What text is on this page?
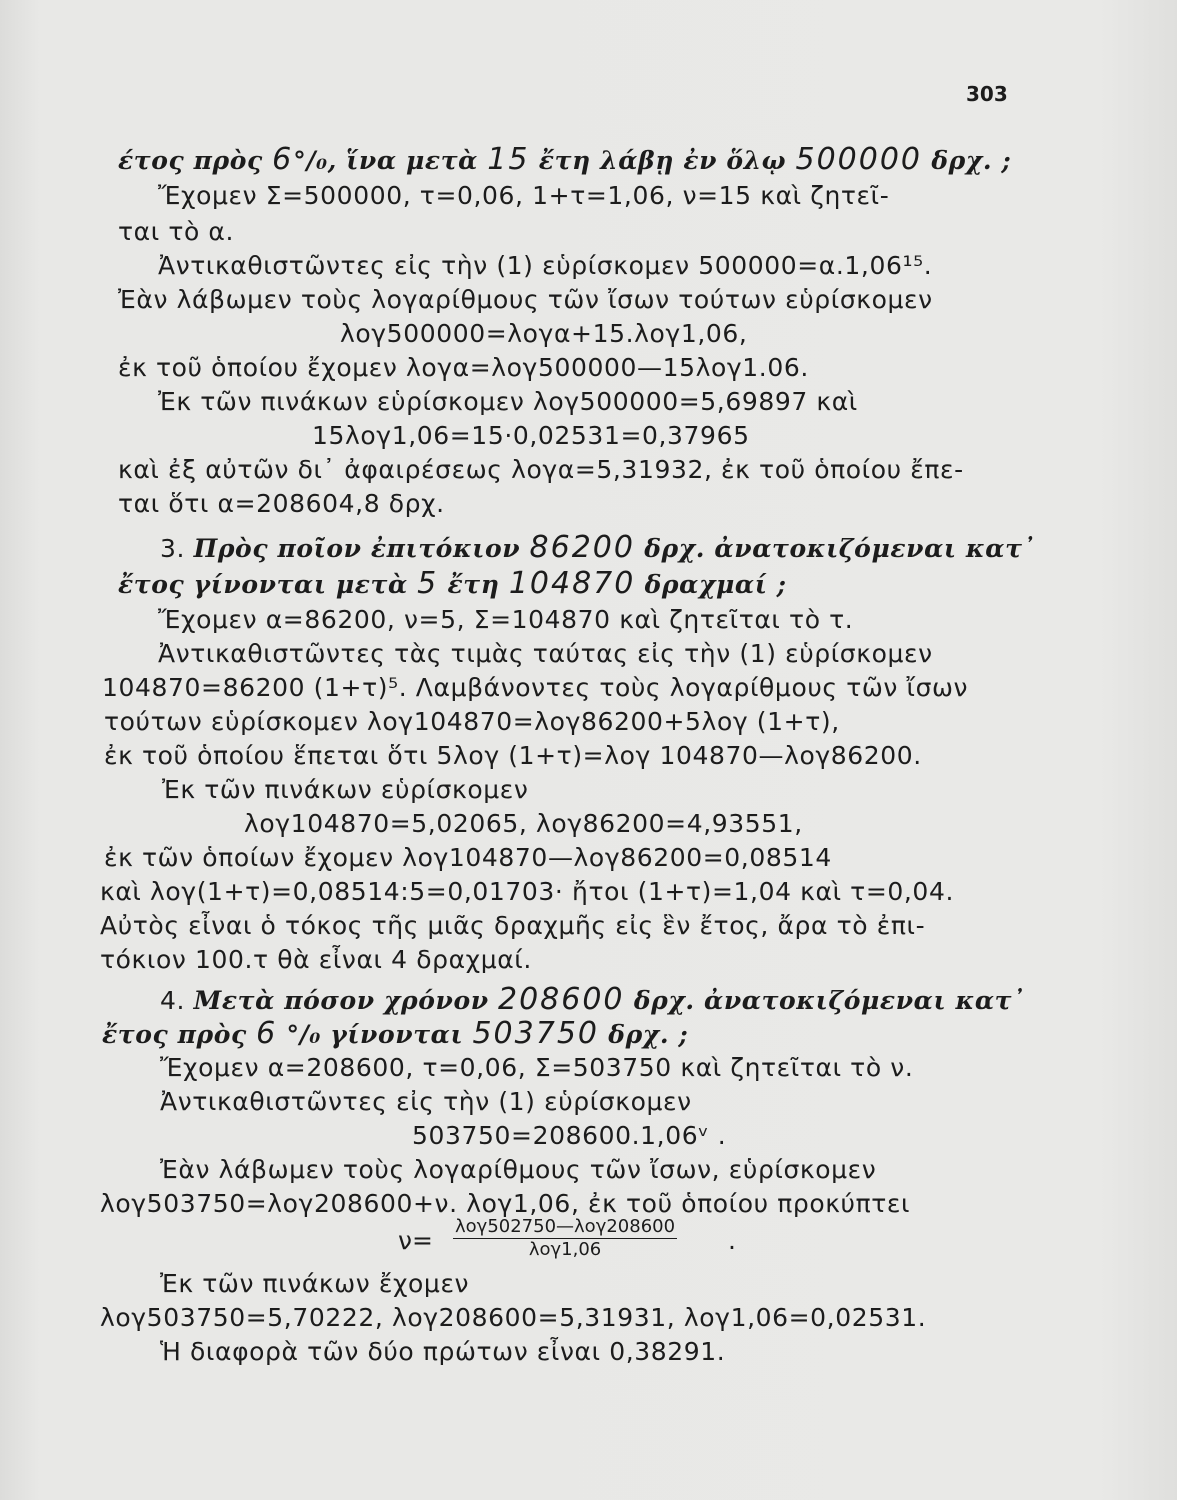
303
έτος πρὸς 6°/₀, ἵνα μετὰ 15 ἔτη λάβῃ ἐν ὅλῳ 500000 δρχ. ;
Ἔχομεν Σ=500000, τ=0,06, 1+τ=1,06, ν=15 καὶ ζητεῖ-
ται τὸ α.
Ἀντικαθιστῶντες εἰς τὴν (1) εὑρίσκομεν 500000=α.1,06¹⁵.
Ἐὰν λάβωμεν τοὺς λογαρίθμους τῶν ἴσων τούτων εὑρίσκομεν
λογ500000=λογα+15.λογ1,06,
ἐκ τοῦ ὁποίου ἔχομεν λογα=λογ500000—15λογ1.06.
Ἐκ τῶν πινάκων εὑρίσκομεν λογ500000=5,69897 καὶ
15λογ1,06=15·0,02531=0,37965
καὶ ἐξ αὐτῶν δι᾽ ἀφαιρέσεως λογα=5,31932, ἐκ τοῦ ὁποίου ἔπε-
ται ὅτι α=208604,8 δρχ.
3. Πρὸς ποῖον ἐπιτόκιον 86200 δρχ. ἀνατοκιζόμεναι κατ᾽
ἔτος γίνονται μετὰ 5 ἔτη 104870 δραχμαί ;
Ἔχομεν α=86200, ν=5, Σ=104870 καὶ ζητεῖται τὸ τ.
Ἀντικαθιστῶντες τὰς τιμὰς ταύτας εἰς τὴν (1) εὑρίσκομεν
104870=86200 (1+τ)⁵. Λαμβάνοντες τοὺς λογαρίθμους τῶν ἴσων
τούτων εὑρίσκομεν λογ104870=λογ86200+5λογ (1+τ),
ἐκ τοῦ ὁποίου ἕπεται ὅτι 5λογ (1+τ)=λογ 104870—λογ86200.
Ἐκ τῶν πινάκων εὑρίσκομεν
λογ104870=5,02065, λογ86200=4,93551,
ἐκ τῶν ὁποίων ἔχομεν λογ104870—λογ86200=0,08514
καὶ λογ(1+τ)=0,08514:5=0,01703· ἤτοι (1+τ)=1,04 καὶ τ=0,04.
Αὐτὸς εἶναι ὁ τόκος τῆς μιᾶς δραχμῆς εἰς ἓν ἔτος, ἄρα τὸ ἐπι-
τόκιον 100.τ θὰ εἶναι 4 δραχμαί.
4. Μετὰ πόσον χρόνον 208600 δρχ. ἀνατοκιζόμεναι κατ᾽
ἔτος πρὸς 6 °/₀ γίνονται 503750 δρχ. ;
Ἔχομεν α=208600, τ=0,06, Σ=503750 καὶ ζητεῖται τὸ ν.
Ἀντικαθιστῶντες εἰς τὴν (1) εὑρίσκομεν
503750=208600.1,06ᵛ .
Ἐὰν λάβωμεν τοὺς λογαρίθμους τῶν ἴσων, εὑρίσκομεν
λογ503750=λογ208600+ν. λογ1,06, ἐκ τοῦ ὁποίου προκύπτει
ν= λογ502750—λογ208600
λογ1,06	.
Ἐκ τῶν πινάκων ἔχομεν
λογ503750=5,70222, λογ208600=5,31931, λογ1,06=0,02531.
Ἡ διαφορὰ τῶν δύο πρώτων εἶναι 0,38291.
